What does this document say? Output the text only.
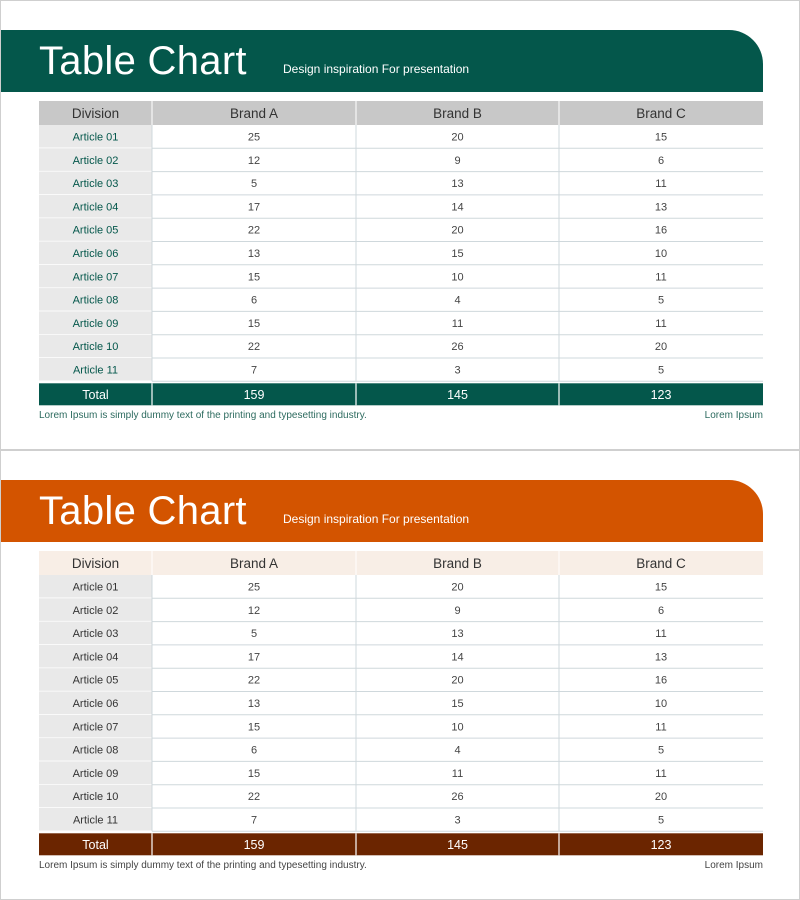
Table Chart	Design inspiration For presentation
Division	Brand A	Brand B	Brand C
Article 01	25	20	15
Article 02	12	9	6
Article 03	5	13	11
Article 04	17	14	13
Article 05	22	20	16
Article 06	13	15	10
Article 07	15	10	11
Article 08	6	4	5
Article 09	15	11	11
Article 10	22	26	20
Article 11	7	3	5
Total	159	145	123
Lorem Ipsum is simply dummy text of the printing and typesetting industry.	Lorem Ipsum
Table Chart	Design inspiration For presentation
Division	Brand A	Brand B	Brand C
Article 01	25	20	15
Article 02	12	9	6
Article 03	5	13	11
Article 04	17	14	13
Article 05	22	20	16
Article 06	13	15	10
Article 07	15	10	11
Article 08	6	4	5
Article 09	15	11	11
Article 10	22	26	20
Article 11	7	3	5
Total	159	145	123
Lorem Ipsum is simply dummy text of the printing and typesetting industry.	Lorem Ipsum
